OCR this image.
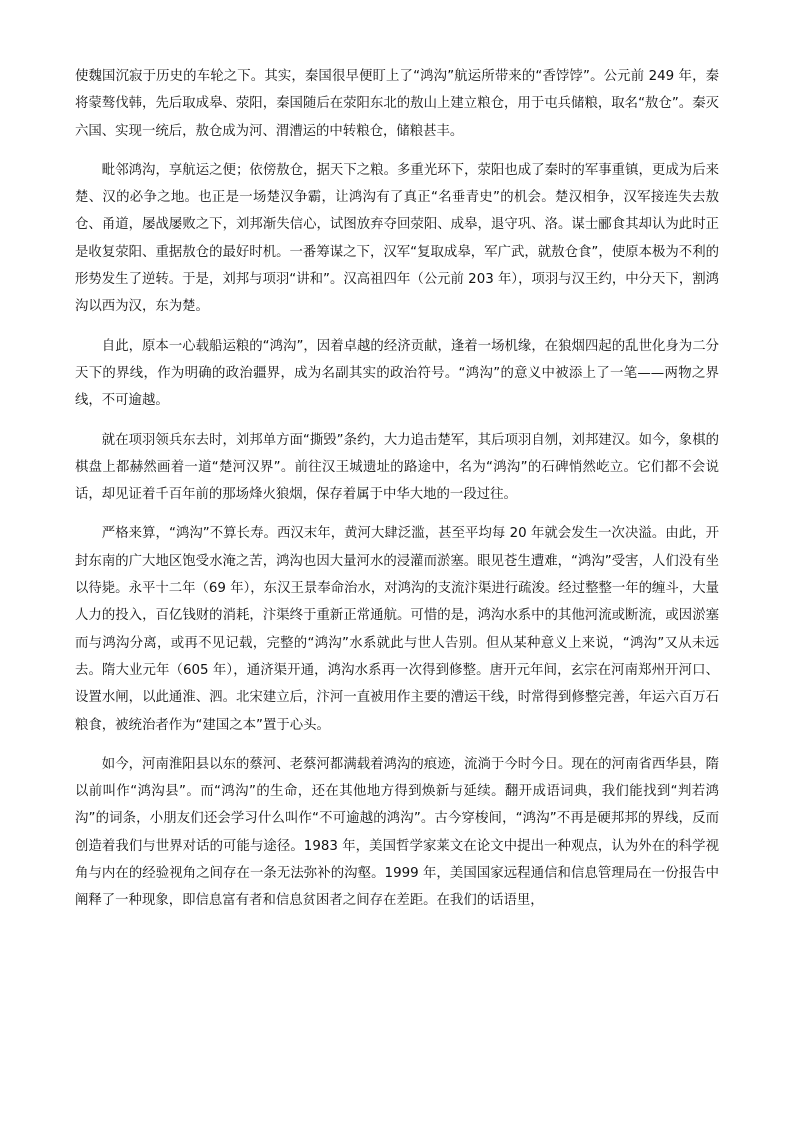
使魏国沉寂于历史的车轮之下。其实，秦国很早便盯上了“鸿沟”航运所带来的“香饽饽”。公元前 249 年，秦将蒙骜伐韩，先后取成皋、荥阳，秦国随后在荥阳东北的敖山上建立粮仓，用于屯兵储粮，取名“敖仓”。秦灭六国、实现一统后，敖仓成为河、渭漕运的中转粮仓，储粮甚丰。

毗邻鸿沟，享航运之便；依傍敖仓，据天下之粮。多重光环下，荥阳也成了秦时的军事重镇，更成为后来楚、汉的必争之地。也正是一场楚汉争霸，让鸿沟有了真正“名垂青史”的机会。楚汉相争，汉军接连失去敖仓、甬道，屡战屡败之下，刘邦渐失信心，试图放弃夺回荥阳、成皋，退守巩、洛。谋士郦食其却认为此时正是收复荥阳、重据敖仓的最好时机。一番筹谋之下，汉军“复取成皋，军广武，就敖仓食”，使原本极为不利的形势发生了逆转。于是，刘邦与项羽“讲和”。汉高祖四年（公元前 203 年），项羽与汉王约，中分天下，割鸿沟以西为汉，东为楚。

自此，原本一心载船运粮的“鸿沟”，因着卓越的经济贡献，逢着一场机缘，在狼烟四起的乱世化身为二分天下的界线，作为明确的政治疆界，成为名副其实的政治符号。“鸿沟”的意义中被添上了一笔——两物之界线，不可逾越。

就在项羽领兵东去时，刘邦单方面“撕毁”条约，大力追击楚军，其后项羽自刎，刘邦建汉。如今，象棋的棋盘上都赫然画着一道“楚河汉界”。前往汉王城遗址的路途中，名为“鸿沟”的石碑悄然屹立。它们都不会说话，却见证着千百年前的那场烽火狼烟，保存着属于中华大地的一段过往。

严格来算，“鸿沟”不算长寿。西汉末年，黄河大肆泛滥，甚至平均每 20 年就会发生一次决溢。由此，开封东南的广大地区饱受水淹之苦，鸿沟也因大量河水的浸灌而淤塞。眼见苍生遭难，“鸿沟”受害，人们没有坐以待毙。永平十二年（69 年），东汉王景奉命治水，对鸿沟的支流汴渠进行疏浚。经过整整一年的缠斗，大量人力的投入，百亿钱财的消耗，汴渠终于重新正常通航。可惜的是，鸿沟水系中的其他河流或断流，或因淤塞而与鸿沟分离，或再不见记载，完整的“鸿沟”水系就此与世人告别。但从某种意义上来说，“鸿沟”又从未远去。隋大业元年（605 年），通济渠开通，鸿沟水系再一次得到修整。唐开元年间，玄宗在河南郑州开河口、设置水闸，以此通淮、泗。北宋建立后，汴河一直被用作主要的漕运干线，时常得到修整完善，年运六百万石粮食，被统治者作为“建国之本”置于心头。

如今，河南淮阳县以东的蔡河、老蔡河都满载着鸿沟的痕迹，流淌于今时今日。现在的河南省西华县，隋以前叫作“鸿沟县”。而“鸿沟”的生命，还在其他地方得到焕新与延续。翻开成语词典，我们能找到“判若鸿沟”的词条，小朋友们还会学习什么叫作“不可逾越的鸿沟”。古今穿梭间，“鸿沟”不再是硬邦邦的界线，反而创造着我们与世界对话的可能与途径。1983 年，美国哲学家莱文在论文中提出一种观点，认为外在的科学视角与内在的经验视角之间存在一条无法弥补的沟壑。1999 年，美国国家远程通信和信息管理局在一份报告中阐释了一种现象，即信息富有者和信息贫困者之间存在差距。在我们的话语里，
